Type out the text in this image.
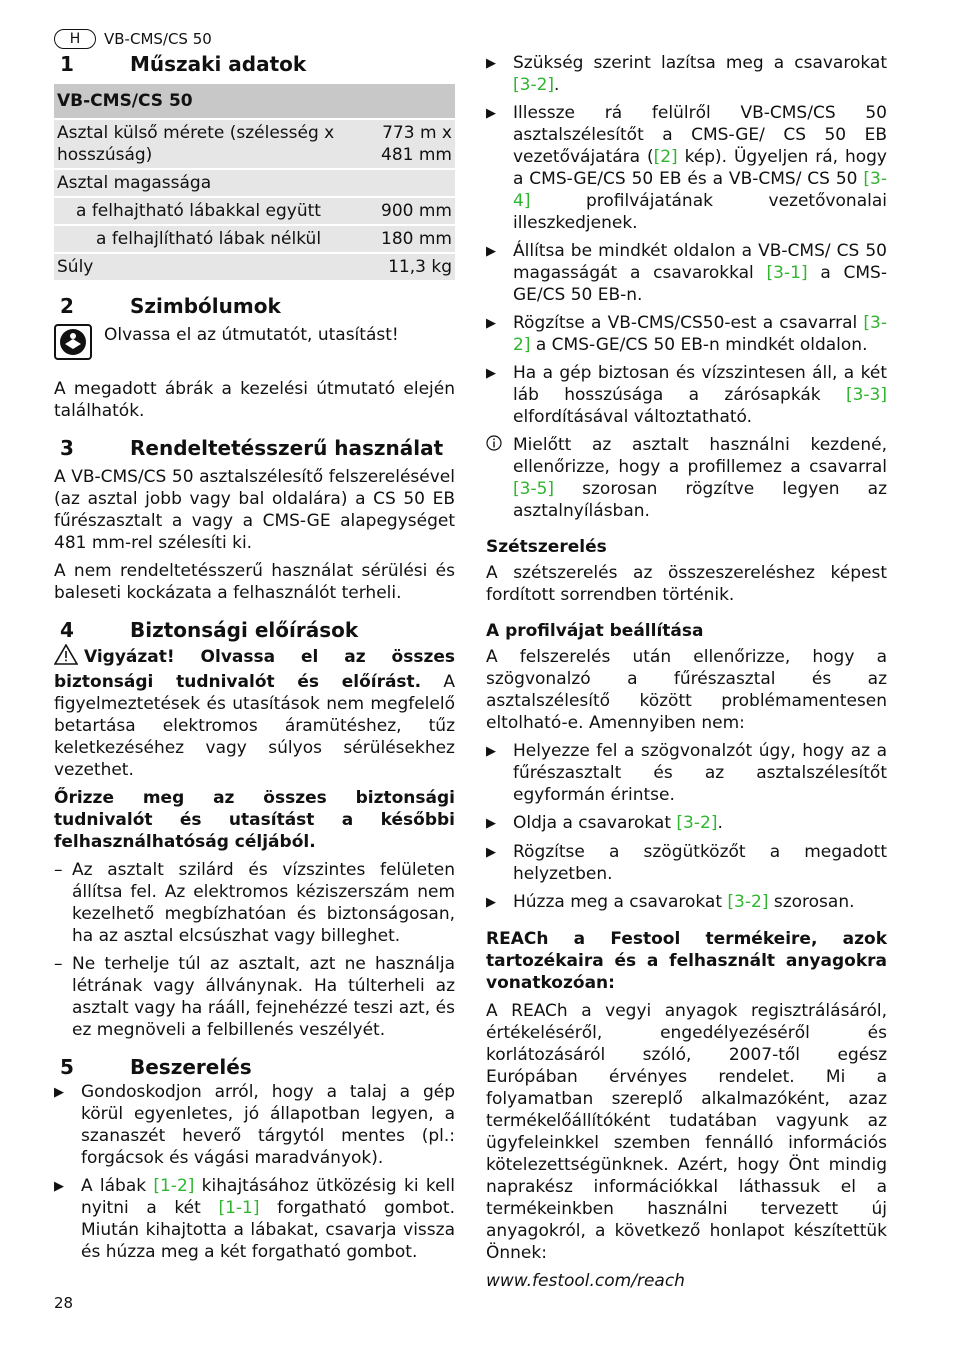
H	VB-CMS/CS 50
1	Műszaki adatok
VB-CMS/CS 50	
Asztal külső mérete (szélesség x hosszúság)	773 m x 481 mm
Asztal magassága	
a felhajtható lábakkal együtt	900 mm
a felhajlítható lábak nélkül	180 mm
Súly	11,3 kg
2	Szimbólumok
Olvassa el az útmutatót, utasítást!
A megadott ábrák a kezelési útmutató elején találhatók.
3	Rendeltetésszerű használat
A VB-CMS/CS 50 asztalszélesítő felszerelésével (az asztal jobb vagy bal oldalára) a CS 50 EB fűrészasztalt a vagy a CMS-GE alapegységet 481 mm-rel szélesíti ki.
A nem rendeltetésszerű használat sérülési és baleseti kockázata a felhasználót terheli.
4	Biztonsági előírások
Vigyázat! Olvassa el az összes biztonsági tudnivalót és előírást. A figyelmeztetések és utasítások nem megfelelő betartása elektromos áramütéshez, tűz keletkezéséhez vagy súlyos sérülésekhez vezethet.
Őrizze meg az összes biztonsági tudnivalót és utasítást a későbbi felhasználhatóság céljából.
– Az asztalt szilárd és vízszintes felületen állítsa fel. Az elektromos kéziszerszám nem kezelhető megbízhatóan és biztonságosan, ha az asztal elcsúszhat vagy billeghet.
– Ne terhelje túl az asztalt, azt ne használja létrának vagy állványnak. Ha túlterheli az asztalt vagy ha rááll, fejnehézzé teszi azt, és ez megnöveli a felbillenés veszélyét.
5	Beszerelés
▶	Gondoskodjon arról, hogy a talaj a gép körül egyenletes, jó állapotban legyen, a szanaszét heverő tárgytól mentes (pl.: forgácsok és vágási maradványok).
▶	A lábak [1-2] kihajtásához ütközésig ki kell nyitni a két [1-1] forgatható gombot. Miután kihajtotta a lábakat, csavarja vissza és húzza meg a két forgatható gombot.
▶	Szükség szerint lazítsa meg a csavarokat [3-2].
▶	Illessze rá felülről VB-CMS/CS 50 asztalszélesítőt a CMS-GE/ CS 50 EB vezetővájatára ([2] kép). Ügyeljen rá, hogy a CMS-GE/CS 50 EB és a VB-CMS/ CS 50 [3-4] profilvájatának vezetővonalai illeszkedjenek.
▶	Állítsa be mindkét oldalon a VB-CMS/ CS 50 magasságát a csavarokkal [3-1] a CMS-GE/CS 50 EB-n.
▶	Rögzítse a VB-CMS/CS50-est a csavarral [3-2] a CMS-GE/CS 50 EB-n mindkét oldalon.
▶	Ha a gép biztosan és vízszintesen áll, a két láb hosszúsága a zárósapkák [3-3] elfordításával változtatható.
Mielőtt az asztalt használni kezdené, ellenőrizze, hogy a profillemez a csavarral [3-5] szorosan rögzítve legyen az asztalnyílásban.
Szétszerelés
A szétszerelés az összeszereléshez képest fordított sorrendben történik.
A profilvájat beállítása
A felszerelés után ellenőrizze, hogy a szögvonalzó a fűrészasztal és az asztalszélesítő között problémamentesen eltolható-e. Amennyiben nem:
▶	Helyezze fel a szögvonalzót úgy, hogy az a fűrészasztalt és az asztalszélesítőt egyformán érintse.
▶	Oldja a csavarokat [3-2].
▶	Rögzítse a szögütközőt a megadott helyzetben.
▶	Húzza meg a csavarokat [3-2] szorosan.
REACh a Festool termékeire, azok tartozékaira és a felhasznált anyagokra vonatkozóan:
A REACh a vegyi anyagok regisztrálásáról, értékeléséről, engedélyezéséről és korlátozásáról szóló, 2007-től egész Európában érvényes rendelet. Mi a folyamatban szereplő alkalmazóként, azaz termékelőállítóként tudatában vagyunk az ügyfeleinkkel szemben fennálló információs kötelezettségünknek. Azért, hogy Önt mindig naprakész információkkal láthassuk el a termékeinkben használni tervezett új anyagokról, a következő honlapot készítettük Önnek:
www.festool.com/reach
28
